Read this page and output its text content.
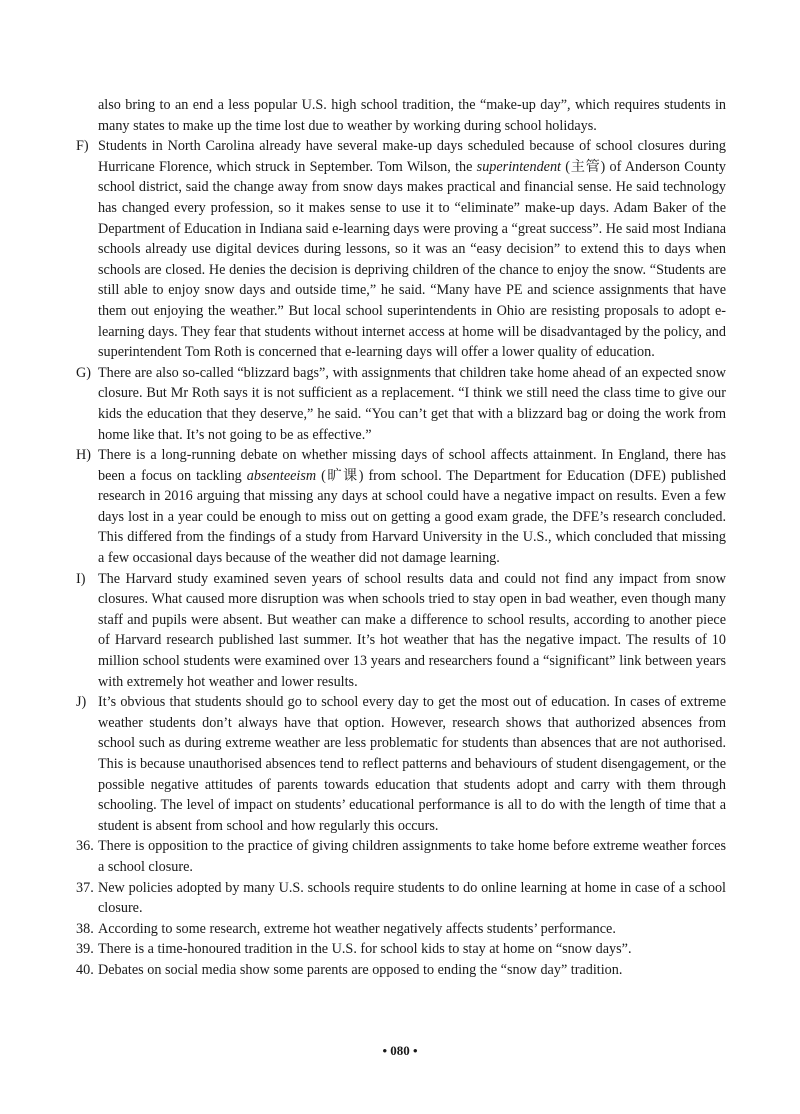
also bring to an end a less popular U.S. high school tradition, the “make-up day”, which requires students in many states to make up the time lost due to weather by working during school holidays.

F) Students in North Carolina already have several make-up days scheduled because of school closures during Hurricane Florence, which struck in September. Tom Wilson, the superintendent (主管) of Anderson County school district, said the change away from snow days makes practical and financial sense. He said technology has changed every profession, so it makes sense to use it to “eliminate” make-up days. Adam Baker of the Department of Education in Indiana said e-learning days were proving a “great success”. He said most Indiana schools already use digital devices during lessons, so it was an “easy decision” to extend this to days when schools are closed. He denies the decision is depriving children of the chance to enjoy the snow. “Students are still able to enjoy snow days and outside time,” he said. “Many have PE and science assignments that have them out enjoying the weather.” But local school superintendents in Ohio are resisting proposals to adopt e-learning days. They fear that students without internet access at home will be disadvantaged by the policy, and superintendent Tom Roth is concerned that e-learning days will offer a lower quality of education.

G) There are also so-called “blizzard bags”, with assignments that children take home ahead of an expected snow closure. But Mr Roth says it is not sufficient as a replacement. “I think we still need the class time to give our kids the education that they deserve,” he said. “You can’t get that with a blizzard bag or doing the work from home like that. It’s not going to be as effective.”

H) There is a long-running debate on whether missing days of school affects attainment. In England, there has been a focus on tackling absenteeism (旷课) from school. The Department for Education (DFE) published research in 2016 arguing that missing any days at school could have a negative impact on results. Even a few days lost in a year could be enough to miss out on getting a good exam grade, the DFE’s research concluded. This differed from the findings of a study from Harvard University in the U.S., which concluded that missing a few occasional days because of the weather did not damage learning.

I) The Harvard study examined seven years of school results data and could not find any impact from snow closures. What caused more disruption was when schools tried to stay open in bad weather, even though many staff and pupils were absent. But weather can make a difference to school results, according to another piece of Harvard research published last summer. It’s hot weather that has the negative impact. The results of 10 million school students were examined over 13 years and researchers found a “significant” link between years with extremely hot weather and lower results.

J) It’s obvious that students should go to school every day to get the most out of education. In cases of extreme weather students don’t always have that option. However, research shows that authorized absences from school such as during extreme weather are less problematic for students than absences that are not authorised. This is because unauthorised absences tend to reflect patterns and behaviours of student disengagement, or the possible negative attitudes of parents towards education that students adopt and carry with them through schooling. The level of impact on students’ educational performance is all to do with the length of time that a student is absent from school and how regularly this occurs.

36. There is opposition to the practice of giving children assignments to take home before extreme weather forces a school closure.

37. New policies adopted by many U.S. schools require students to do online learning at home in case of a school closure.

38. According to some research, extreme hot weather negatively affects students’ performance.

39. There is a time-honoured tradition in the U.S. for school kids to stay at home on “snow days”.

40. Debates on social media show some parents are opposed to ending the “snow day” tradition.

• 080 •
